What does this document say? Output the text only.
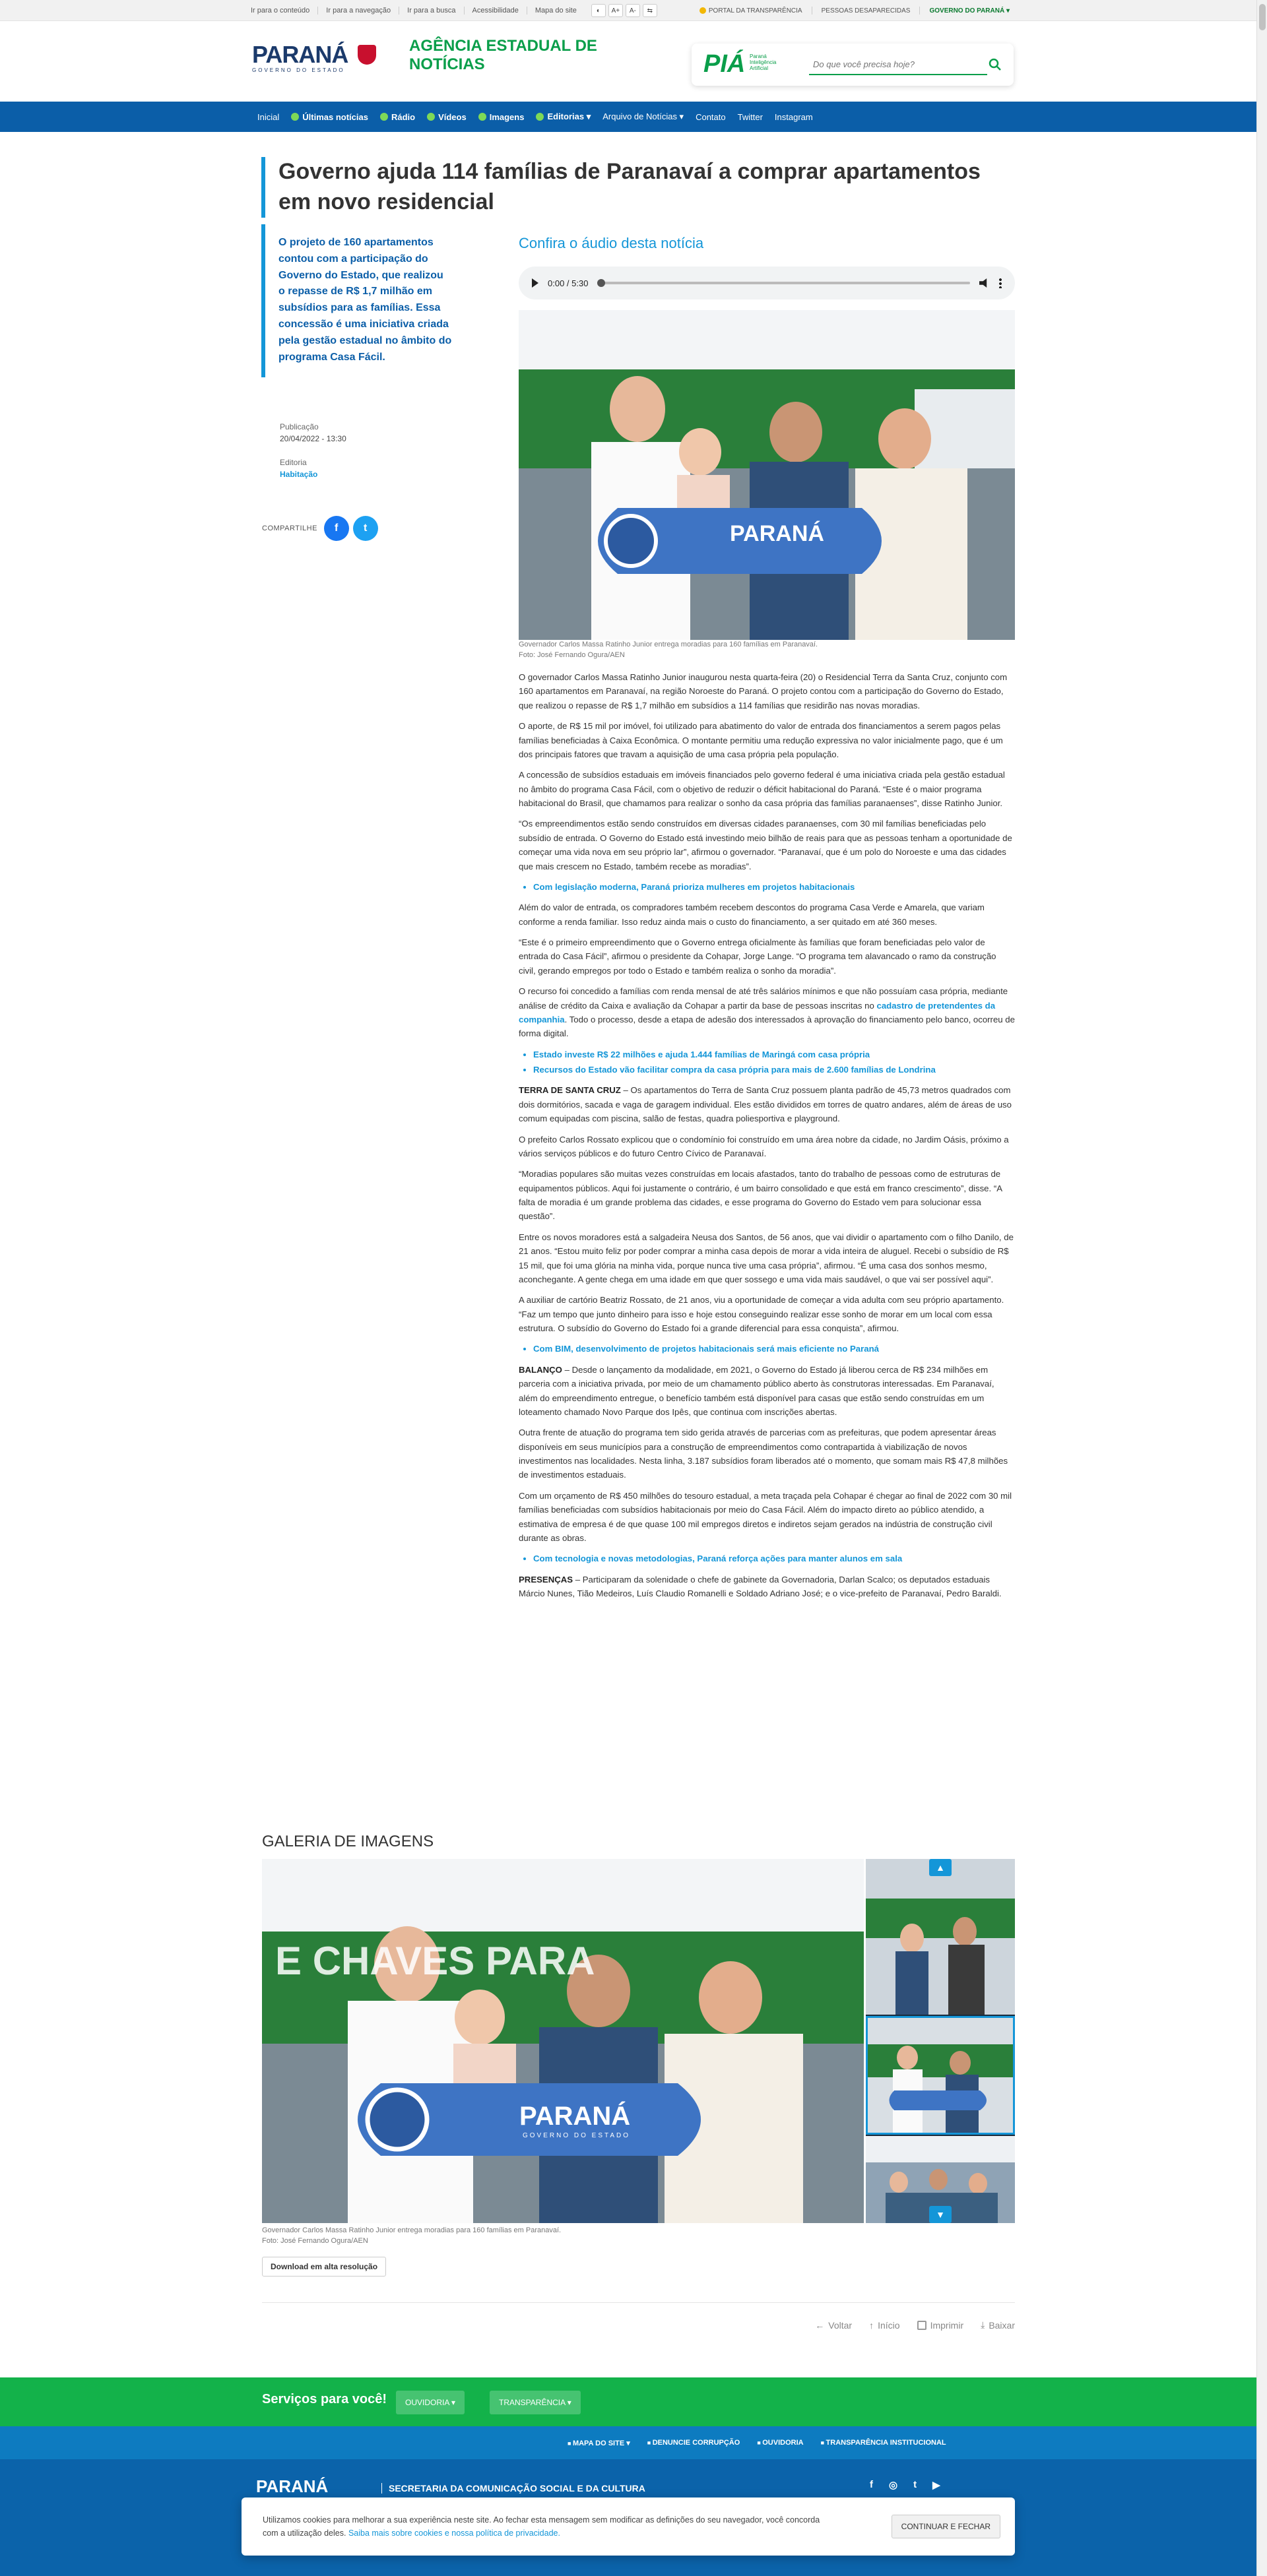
Ir para o conteúdo Ir para a navegação Ir para a busca Acessibilidade Mapa do site	◐	A+	A-	⇆	PORTAL DA TRANSPARÊNCIA	PESSOAS DESAPARECIDAS	GOVERNO DO PARANÁ ▾
PARANÁ
GOVERNO DO ESTADO
AGÊNCIA ESTADUAL DE NOTÍCIAS	PIÁ Paraná Inteligência Artificial
Do que você precisa hoje?
Inicial	Últimas notícias	Rádio	Vídeos	Imagens	Editorias ▾ Arquivo de Notícias ▾ Contato Twitter Instagram
Governo ajuda 114 famílias de Paranavaí a comprar apartamentos em novo residencial

O projeto de 160 apartamentos contou com a participação do Governo do Estado, que realizou o repasse de R$ 1,7 milhão em subsídios para as famílias. Essa concessão é uma iniciativa criada pela gestão estadual no âmbito do programa Casa Fácil.

Publicação
20/04/2022 - 13:30
Editoria
Habitação
COMPARTILHE	f	t
Confira o áudio desta notícia
0:00 / 5:30
PARANÁ
Governador Carlos Massa Ratinho Junior entrega moradias para 160 famílias em Paranavaí.
Foto: José Fernando Ogura/AEN

O governador Carlos Massa Ratinho Junior inaugurou nesta quarta-feira (20) o Residencial Terra da Santa Cruz, conjunto com 160 apartamentos em Paranavaí, na região Noroeste do Paraná. O projeto contou com a participação do Governo do Estado, que realizou o repasse de R$ 1,7 milhão em subsídios a 114 famílias que residirão nas novas moradias.

O aporte, de R$ 15 mil por imóvel, foi utilizado para abatimento do valor de entrada dos financiamentos a serem pagos pelas famílias beneficiadas à Caixa Econômica. O montante permitiu uma redução expressiva no valor inicialmente pago, que é um dos principais fatores que travam a aquisição de uma casa própria pela população.

A concessão de subsídios estaduais em imóveis financiados pelo governo federal é uma iniciativa criada pela gestão estadual no âmbito do programa Casa Fácil, com o objetivo de reduzir o déficit habitacional do Paraná. “Este é o maior programa habitacional do Brasil, que chamamos para realizar o sonho da casa própria das famílias paranaenses”, disse Ratinho Junior.

“Os empreendimentos estão sendo construídos em diversas cidades paranaenses, com 30 mil famílias beneficiadas pelo subsídio de entrada. O Governo do Estado está investindo meio bilhão de reais para que as pessoas tenham a oportunidade de começar uma vida nova em seu próprio lar”, afirmou o governador. “Paranavaí, que é um polo do Noroeste e uma das cidades que mais crescem no Estado, também recebe as moradias”.

• Com legislação moderna, Paraná prioriza mulheres em projetos habitacionais

Além do valor de entrada, os compradores também recebem descontos do programa Casa Verde e Amarela, que variam conforme a renda familiar. Isso reduz ainda mais o custo do financiamento, a ser quitado em até 360 meses.

“Este é o primeiro empreendimento que o Governo entrega oficialmente às famílias que foram beneficiadas pelo valor de entrada do Casa Fácil”, afirmou o presidente da Cohapar, Jorge Lange. “O programa tem alavancado o ramo da construção civil, gerando empregos por todo o Estado e também realiza o sonho da moradia”.

O recurso foi concedido a famílias com renda mensal de até três salários mínimos e que não possuíam casa própria, mediante análise de crédito da Caixa e avaliação da Cohapar a partir da base de pessoas inscritas no cadastro de pretendentes da companhia. Todo o processo, desde a etapa de adesão dos interessados à aprovação do financiamento pelo banco, ocorreu de forma digital.

• Estado investe R$ 22 milhões e ajuda 1.444 famílias de Maringá com casa própria
• Recursos do Estado vão facilitar compra da casa própria para mais de 2.600 famílias de Londrina

TERRA DE SANTA CRUZ – Os apartamentos do Terra de Santa Cruz possuem planta padrão de 45,73 metros quadrados com dois dormitórios, sacada e vaga de garagem individual. Eles estão divididos em torres de quatro andares, além de áreas de uso comum equipadas com piscina, salão de festas, quadra poliesportiva e playground.

O prefeito Carlos Rossato explicou que o condomínio foi construído em uma área nobre da cidade, no Jardim Oásis, próximo a vários serviços públicos e do futuro Centro Cívico de Paranavaí.

“Moradias populares são muitas vezes construídas em locais afastados, tanto do trabalho de pessoas como de estruturas de equipamentos públicos. Aqui foi justamente o contrário, é um bairro consolidado e que está em franco crescimento”, disse. “A falta de moradia é um grande problema das cidades, e esse programa do Governo do Estado vem para solucionar essa questão”.

Entre os novos moradores está a salgadeira Neusa dos Santos, de 56 anos, que vai dividir o apartamento com o filho Danilo, de 21 anos. “Estou muito feliz por poder comprar a minha casa depois de morar a vida inteira de aluguel. Recebi o subsídio de R$ 15 mil, que foi uma glória na minha vida, porque nunca tive uma casa própria”, afirmou. “É uma casa dos sonhos mesmo, aconchegante. A gente chega em uma idade em que quer sossego e uma vida mais saudável, o que vai ser possível aqui”.

A auxiliar de cartório Beatriz Rossato, de 21 anos, viu a oportunidade de começar a vida adulta com seu próprio apartamento. “Faz um tempo que junto dinheiro para isso e hoje estou conseguindo realizar esse sonho de morar em um local com essa estrutura. O subsídio do Governo do Estado foi a grande diferencial para essa conquista”, afirmou.

• Com BIM, desenvolvimento de projetos habitacionais será mais eficiente no Paraná

BALANÇO – Desde o lançamento da modalidade, em 2021, o Governo do Estado já liberou cerca de R$ 234 milhões em parceria com a iniciativa privada, por meio de um chamamento público aberto às construtoras interessadas. Em Paranavaí, além do empreendimento entregue, o benefício também está disponível para casas que estão sendo construídas em um loteamento chamado Novo Parque dos Ipês, que continua com inscrições abertas.

Outra frente de atuação do programa tem sido gerida através de parcerias com as prefeituras, que podem apresentar áreas disponíveis em seus municípios para a construção de empreendimentos como contrapartida à viabilização de novos investimentos nas localidades. Nesta linha, 3.187 subsídios foram liberados até o momento, que somam mais R$ 47,8 milhões de investimentos estaduais.

Com um orçamento de R$ 450 milhões do tesouro estadual, a meta traçada pela Cohapar é chegar ao final de 2022 com 30 mil famílias beneficiadas com subsídios habitacionais por meio do Casa Fácil. Além do impacto direto ao público atendido, a estimativa de empresa é de que quase 100 mil empregos diretos e indiretos sejam gerados na indústria de construção civil durante as obras.

• Com tecnologia e novas metodologias, Paraná reforça ações para manter alunos em sala

PRESENÇAS – Participaram da solenidade o chefe de gabinete da Governadoria, Darlan Scalco; os deputados estaduais Márcio Nunes, Tião Medeiros, Luís Claudio Romanelli e Soldado Adriano José; e o vice-prefeito de Paranavaí, Pedro Baraldi.

GALERIA DE IMAGENS
E CHAVES PARA
PARANÁ
GOVERNO DO ESTADO
▲
▼
Governador Carlos Massa Ratinho Junior entrega moradias para 160 famílias em Paranavaí.
Foto: José Fernando Ogura/AEN
Download em alta resolução
← Voltar ↑ Início	Imprimir ⤓ Baixar
Serviços para você!	OUVIDORIA ▾	TRANSPARÊNCIA ▾
■ MAPA DO SITE ▾	■ DENUNCIE CORRUPÇÃO	■ OUVIDORIA	■ TRANSPARÊNCIA INSTITUCIONAL
PARANÁ	SECRETARIA DA COMUNICAÇÃO SOCIAL E DA CULTURA	f ◎ t ▶
Utilizamos cookies para melhorar a sua experiência neste site. Ao fechar esta mensagem sem modificar as definições do seu navegador, você concorda com a utilização deles. Saiba mais sobre cookies e nossa política de privacidade.
CONTINUAR E FECHAR
